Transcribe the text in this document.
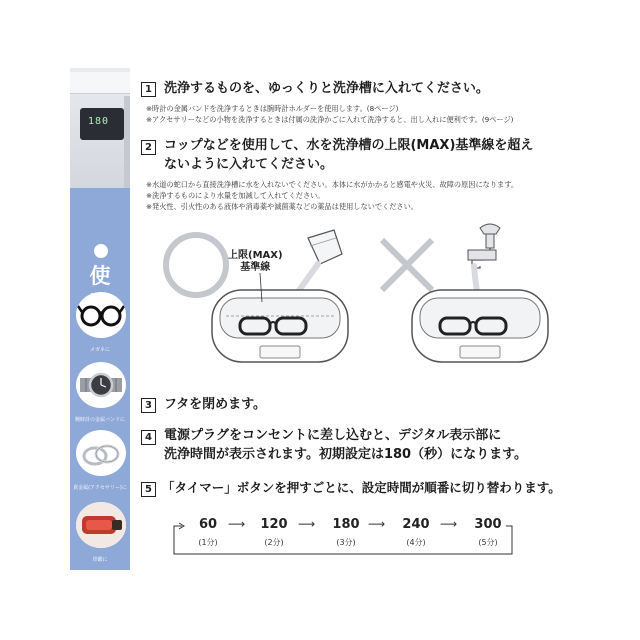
180
使
メガネに
腕時計の金属バンドに
貴金属(アクセサリー)に
印鑑に
1 洗浄するものを、ゆっくりと洗浄槽に入れてください。
※時計の金属バンドを洗浄するときは腕時計ホルダーを使用します。(8ページ)
※アクセサリーなどの小物を洗浄するときは付属の洗浄かごに入れて洗浄すると、出し入れに便利です。(9ページ)
2 コップなどを使用して、水を洗浄槽の上限(MAX)基準線を超え
ないように入れてください。
※水道の蛇口から直接洗浄槽に水を入れないでください。本体に水がかかると感電や火災、故障の原因になります。
※洗浄するものにより水量を加減して入れてください。
※発火性、引火性のある液体や消毒薬や滅菌薬などの薬品は使用しないでください。
上限(MAX)
基準線
3 フタを閉めます。
4 電源プラグをコンセントに差し込むと、デジタル表示部に
洗浄時間が表示されます。初期設定は180（秒）になります。
5 「タイマー」ボタンを押すごとに、設定時間が順番に切り替わります。
60
(1分)
⟶	120
(2分)
⟶	180
(3分)
⟶	240
(4分)
⟶	300
(5分)
